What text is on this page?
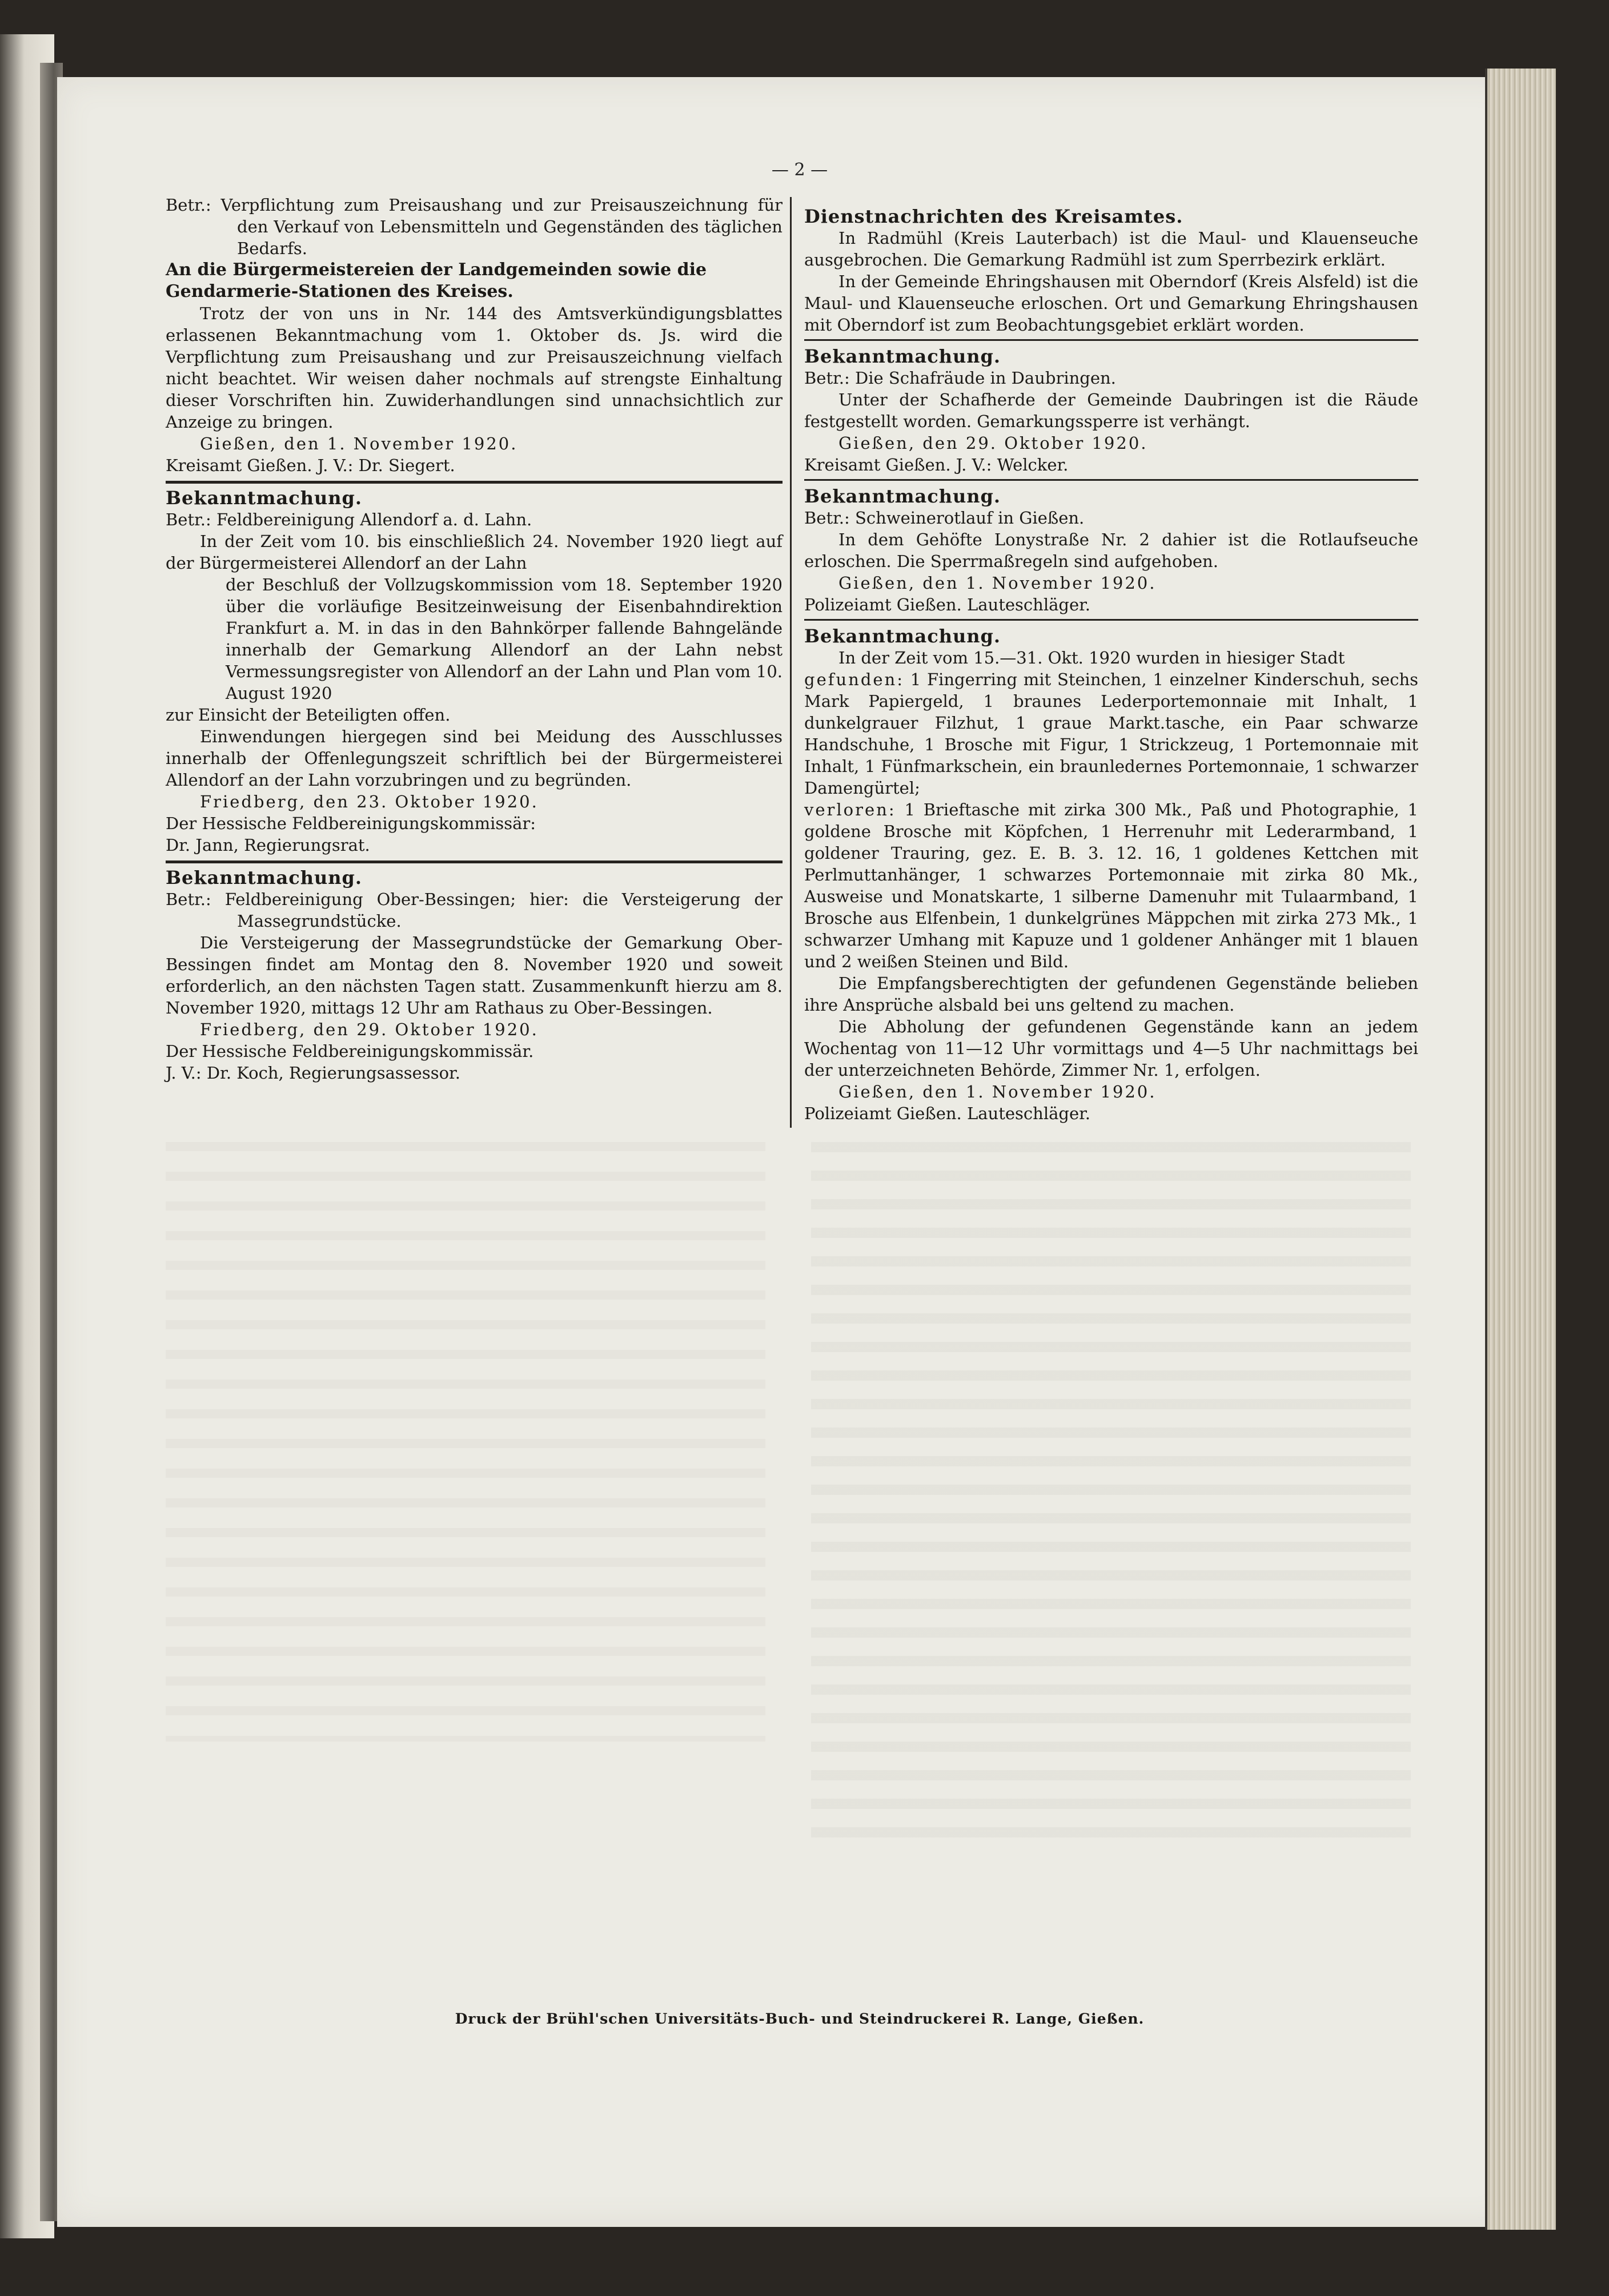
— 2 —

Betr.: Verpflichtung zum Preisaushang und zur Preisauszeichnung für den Verkauf von Lebensmitteln und Gegenständen des täglichen Bedarfs.

An die Bürgermeistereien der Landgemeinden sowie die

Gendarmerie-Stationen des Kreises.

Trotz der von uns in Nr. 144 des Amtsverkündigungsblattes erlassenen Bekanntmachung vom 1. Oktober ds. Js. wird die Verpflichtung zum Preisaushang und zur Preisauszeichnung vielfach nicht beachtet. Wir weisen daher nochmals auf strengste Einhaltung dieser Vorschriften hin. Zuwiderhandlungen sind unnachsichtlich zur Anzeige zu bringen.

Gießen, den 1. November 1920.

Kreisamt Gießen. J. V.: Dr. Siegert.

Bekanntmachung.

Betr.: Feldbereinigung Allendorf a. d. Lahn.

In der Zeit vom 10. bis einschließlich 24. November 1920 liegt auf der Bürgermeisterei Allendorf an der Lahn

der Beschluß der Vollzugskommission vom 18. September 1920 über die vorläufige Besitzeinweisung der Eisenbahndirektion Frankfurt a. M. in das in den Bahnkörper fallende Bahngelände innerhalb der Gemarkung Allendorf an der Lahn nebst Vermessungsregister von Allendorf an der Lahn und Plan vom 10. August 1920

zur Einsicht der Beteiligten offen.

Einwendungen hiergegen sind bei Meidung des Ausschlusses innerhalb der Offenlegungszeit schriftlich bei der Bürgermeisterei Allendorf an der Lahn vorzubringen und zu begründen.

Friedberg, den 23. Oktober 1920.

Der Hessische Feldbereinigungskommissär:

Dr. Jann, Regierungsrat.

Bekanntmachung.

Betr.: Feldbereinigung Ober-Bessingen; hier: die Versteigerung der Massegrundstücke.

Die Versteigerung der Massegrundstücke der Gemarkung Ober-Bessingen findet am Montag den 8. November 1920 und soweit erforderlich, an den nächsten Tagen statt. Zusammenkunft hierzu am 8. November 1920, mittags 12 Uhr am Rathaus zu Ober-Bessingen.

Friedberg, den 29. Oktober 1920.

Der Hessische Feldbereinigungskommissär.

J. V.: Dr. Koch, Regierungsassessor.

Dienstnachrichten des Kreisamtes.

In Radmühl (Kreis Lauterbach) ist die Maul- und Klauenseuche ausgebrochen. Die Gemarkung Radmühl ist zum Sperrbezirk erklärt.

In der Gemeinde Ehringshausen mit Oberndorf (Kreis Alsfeld) ist die Maul- und Klauenseuche erloschen. Ort und Gemarkung Ehringshausen mit Oberndorf ist zum Beobachtungsgebiet erklärt worden.

Bekanntmachung.

Betr.: Die Schafräude in Daubringen.

Unter der Schafherde der Gemeinde Daubringen ist die Räude festgestellt worden. Gemarkungssperre ist verhängt.

Gießen, den 29. Oktober 1920.

Kreisamt Gießen. J. V.: Welcker.

Bekanntmachung.

Betr.: Schweinerotlauf in Gießen.

In dem Gehöfte Lonystraße Nr. 2 dahier ist die Rotlaufseuche erloschen. Die Sperrmaßregeln sind aufgehoben.

Gießen, den 1. November 1920.

Polizeiamt Gießen. Lauteschläger.

Bekanntmachung.

In der Zeit vom 15.—31. Okt. 1920 wurden in hiesiger Stadt

gefunden: 1 Fingerring mit Steinchen, 1 einzelner Kinderschuh, sechs Mark Papiergeld, 1 braunes Lederportemonnaie mit Inhalt, 1 dunkelgrauer Filzhut, 1 graue Markt.tasche, ein Paar schwarze Handschuhe, 1 Brosche mit Figur, 1 Strickzeug, 1 Portemonnaie mit Inhalt, 1 Fünfmarkschein, ein braunledernes Portemonnaie, 1 schwarzer Damengürtel;

verloren: 1 Brieftasche mit zirka 300 Mk., Paß und Photographie, 1 goldene Brosche mit Köpfchen, 1 Herrenuhr mit Lederarmband, 1 goldener Trauring, gez. E. B. 3. 12. 16, 1 goldenes Kettchen mit Perlmuttanhänger, 1 schwarzes Portemonnaie mit zirka 80 Mk., Ausweise und Monatskarte, 1 silberne Damenuhr mit Tulaarmband, 1 Brosche aus Elfenbein, 1 dunkelgrünes Mäppchen mit zirka 273 Mk., 1 schwarzer Umhang mit Kapuze und 1 goldener Anhänger mit 1 blauen und 2 weißen Steinen und Bild.

Die Empfangsberechtigten der gefundenen Gegenstände belieben ihre Ansprüche alsbald bei uns geltend zu machen.

Die Abholung der gefundenen Gegenstände kann an jedem Wochentag von 11—12 Uhr vormittags und 4—5 Uhr nachmittags bei der unterzeichneten Behörde, Zimmer Nr. 1, erfolgen.

Gießen, den 1. November 1920.

Polizeiamt Gießen. Lauteschläger.

Druck der Brühl'schen Universitäts-Buch- und Steindruckerei R. Lange, Gießen.
